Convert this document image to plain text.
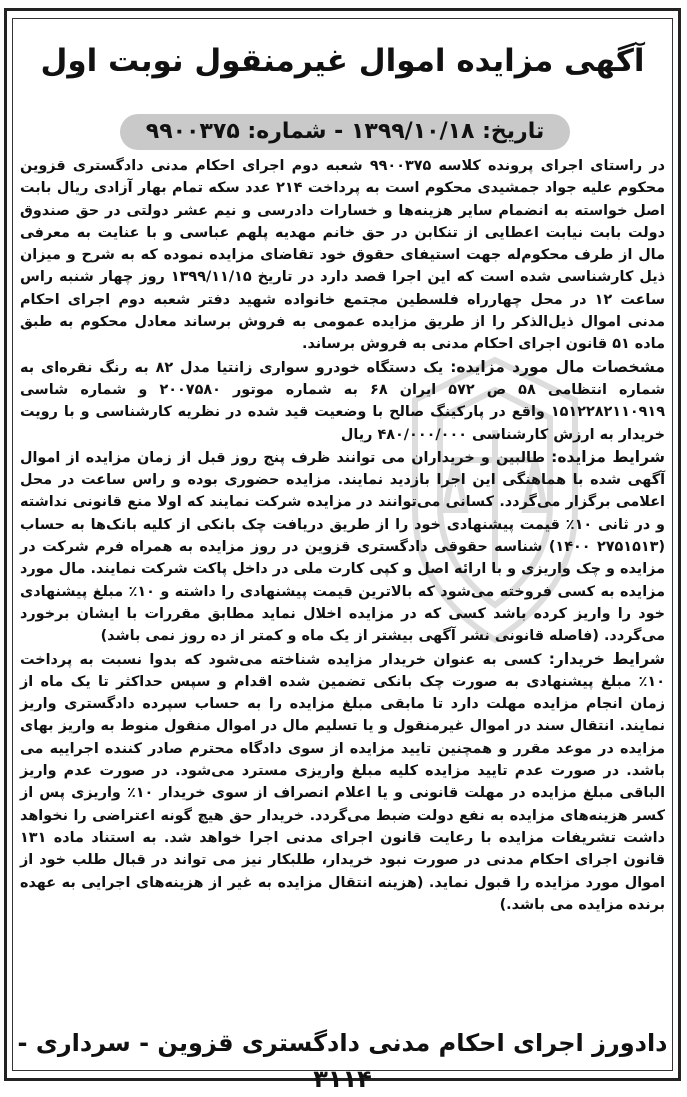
آگهی مزایده اموال غیرمنقول نوبت اول
تاریخ: ۱۳۹۹/۱۰/۱۸ - شماره: ۹۹۰۰۳۷۵

در راستای اجرای پرونده کلاسه ۹۹۰۰۳۷۵ شعبه دوم اجرای احکام مدنی دادگستری قزوین محکوم علیه جواد جمشیدی محکوم است به پرداخت ۲۱۴ عدد سکه تمام بهار آزادی ریال بابت اصل خواسته به انضمام سایر هزینه‌ها و خسارات دادرسی و نیم عشر دولتی در حق صندوق دولت بابت نیابت اعطایی از تنکابن در حق خانم مهدیه پلهم عباسی و با عنایت به معرفی مال از طرف محکوم‌له جهت استیفای حقوق خود تقاضای مزایده نموده که به شرح و میزان ذیل کارشناسی شده است که این اجرا قصد دارد در تاریخ ۱۳۹۹/۱۱/۱۵ روز چهار شنبه راس ساعت ۱۲ در محل چهارراه فلسطین مجتمع خانواده شهید دفتر شعبه دوم اجرای احکام مدنی اموال ذیل‌الذکر را از طریق مزایده عمومی به فروش برساند معادل محکوم به طبق ماده ۵۱ قانون اجرای احکام مدنی به فروش برساند.

مشخصات مال مورد مزایده: یک دستگاه خودرو سواری زانتیا مدل ۸۲ به رنگ نقره‌ای به شماره انتظامی ۵۸ ص ۵۷۲ ایران ۶۸ به شماره موتور ۲۰۰۷۵۸۰ و شماره شاسی ۱۵۱۲۲۸۲۱۱۰۹۱۹ واقع در پارکینگ صالح با وضعیت قید شده در نظریه کارشناسی و با رویت خریدار به ارزش کارشناسی ۴۸۰/۰۰۰/۰۰۰ ریال

شرایط مزایده: طالبین و خریداران می توانند ظرف پنج روز قبل از زمان مزایده از اموال آگهی شده با هماهنگی این اجرا بازدید نمایند. مزایده حضوری بوده و راس ساعت در محل اعلامی برگزار می‌گردد. کسانی می‌توانند در مزایده شرکت نمایند که اولا منع قانونی نداشته و در ثانی ۱۰٪ قیمت پیشنهادی خود را از طریق دریافت چک بانکی از کلیه بانک‌ها به حساب (۲۷۵۱۵۱۳ ۱۴۰۰) شناسه حقوقی دادگستری قزوین در روز مزایده به همراه فرم شرکت در مزایده و چک واریزی و با ارائه اصل و کپی کارت ملی در داخل پاکت شرکت نمایند. مال مورد مزایده به کسی فروخته می‌شود که بالاترین قیمت پیشنهادی را داشته و ۱۰٪ مبلغ پیشنهادی خود را واریز کرده باشد کسی که در مزایده اخلال نماید مطابق مقررات با ایشان برخورد می‌گردد. (فاصله قانونی نشر آگهی بیشتر از یک ماه و کمتر از ده روز نمی باشد)

شرایط خریدار: کسی به عنوان خریدار مزایده شناخته می‌شود که بدوا نسبت به پرداخت ۱۰٪ مبلغ پیشنهادی به صورت چک بانکی تضمین شده اقدام و سپس حداکثر تا یک ماه از زمان انجام مزایده مهلت دارد تا مابقی مبلغ مزایده را به حساب سپرده دادگستری واریز نمایند. انتقال سند در اموال غیرمنقول و یا تسلیم مال در اموال منقول منوط به واریز بهای مزایده در موعد مقرر و همچنین تایید مزایده از سوی دادگاه محترم صادر کننده اجراییه می باشد. در صورت عدم تایید مزایده کلیه مبلغ واریزی مسترد می‌شود. در صورت عدم واریز الباقی مبلغ مزایده در مهلت قانونی و یا اعلام انصراف از سوی خریدار ۱۰٪ واریزی پس از کسر هزینه‌های مزایده به نفع دولت ضبط می‌گردد. خریدار حق هیچ گونه اعتراضی را نخواهد داشت تشریفات مزایده با رعایت قانون اجرای مدنی اجرا خواهد شد. به استناد ماده ۱۳۱ قانون اجرای احکام مدنی در صورت نبود خریدار، طلبکار نیز می تواند در قبال طلب خود از اموال مورد مزایده را قبول نماید. (هزینه انتقال مزایده به غیر از هزینه‌های اجرایی به عهده برنده مزایده می باشد.)

دادورز اجرای احکام مدنی دادگستری قزوین - سرداری - ۳۱۱۴
